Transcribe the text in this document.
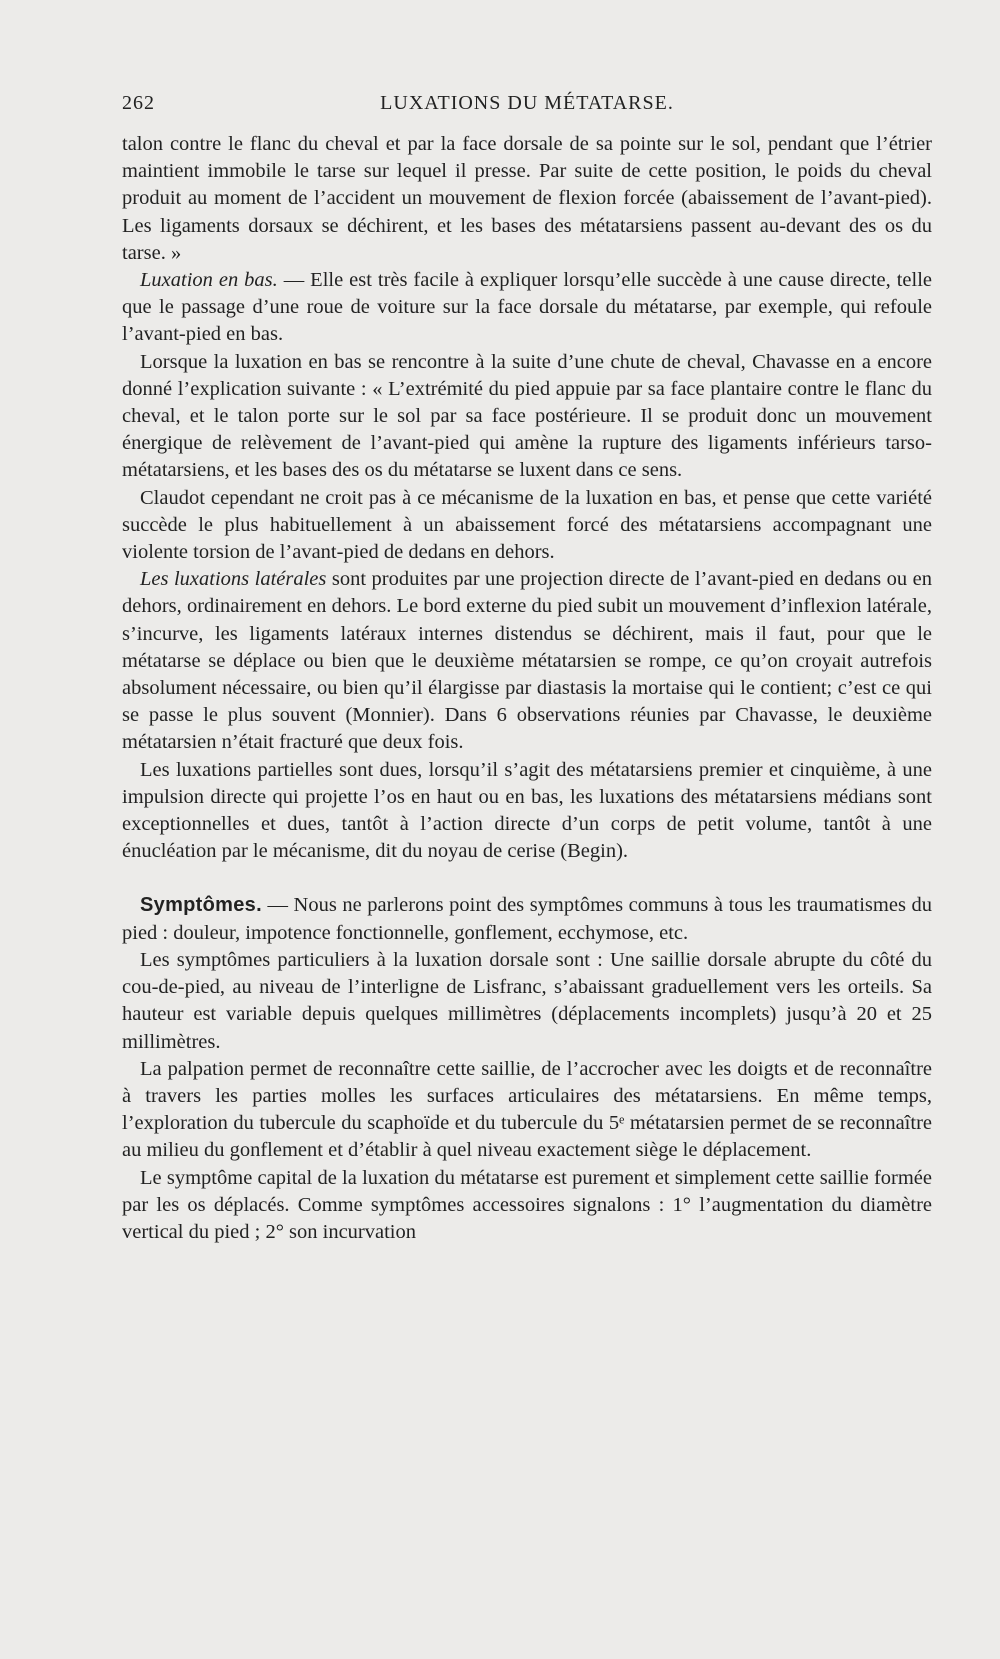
262	LUXATIONS DU MÉTATARSE.

talon contre le flanc du cheval et par la face dorsale de sa pointe sur le sol, pendant que l’étrier maintient immobile le tarse sur lequel il presse. Par suite de cette position, le poids du cheval produit au moment de l’accident un mouvement de flexion forcée (abaissement de l’avant-pied). Les ligaments dorsaux se déchirent, et les bases des métatarsiens passent au-devant des os du tarse. »

Luxation en bas. — Elle est très facile à expliquer lorsqu’elle succède à une cause directe, telle que le passage d’une roue de voiture sur la face dorsale du métatarse, par exemple, qui refoule l’avant-pied en bas.

Lorsque la luxation en bas se rencontre à la suite d’une chute de cheval, Chavasse en a encore donné l’explication suivante : « L’extrémité du pied appuie par sa face plantaire contre le flanc du cheval, et le talon porte sur le sol par sa face postérieure. Il se produit donc un mouvement énergique de relèvement de l’avant-pied qui amène la rupture des ligaments inférieurs tarso-métatarsiens, et les bases des os du métatarse se luxent dans ce sens.

Claudot cependant ne croit pas à ce mécanisme de la luxation en bas, et pense que cette variété succède le plus habituellement à un abaissement forcé des métatarsiens accompagnant une violente torsion de l’avant-pied de dedans en dehors.

Les luxations latérales sont produites par une projection directe de l’avant-pied en dedans ou en dehors, ordinairement en dehors. Le bord externe du pied subit un mouvement d’inflexion latérale, s’incurve, les ligaments latéraux internes distendus se déchirent, mais il faut, pour que le métatarse se déplace ou bien que le deuxième métatarsien se rompe, ce qu’on croyait autrefois absolument nécessaire, ou bien qu’il élargisse par diastasis la mortaise qui le contient; c’est ce qui se passe le plus souvent (Monnier). Dans 6 observations réunies par Chavasse, le deuxième métatarsien n’était fracturé que deux fois.

Les luxations partielles sont dues, lorsqu’il s’agit des métatarsiens premier et cinquième, à une impulsion directe qui projette l’os en haut ou en bas, les luxations des métatarsiens médians sont exceptionnelles et dues, tantôt à l’action directe d’un corps de petit volume, tantôt à une énucléation par le mécanisme, dit du noyau de cerise (Begin).

Symptômes. — Nous ne parlerons point des symptômes communs à tous les traumatismes du pied : douleur, impotence fonctionnelle, gonflement, ecchymose, etc.

Les symptômes particuliers à la luxation dorsale sont : Une saillie dorsale abrupte du côté du cou-de-pied, au niveau de l’interligne de Lisfranc, s’abaissant graduellement vers les orteils. Sa hauteur est variable depuis quelques millimètres (déplacements incomplets) jusqu’à 20 et 25 millimètres.

La palpation permet de reconnaître cette saillie, de l’accrocher avec les doigts et de reconnaître à travers les parties molles les surfaces articulaires des métatarsiens. En même temps, l’exploration du tubercule du scaphoïde et du tubercule du 5ᵉ métatarsien permet de se reconnaître au milieu du gonflement et d’établir à quel niveau exactement siège le déplacement.

Le symptôme capital de la luxation du métatarse est purement et simplement cette saillie formée par les os déplacés. Comme symptômes accessoires signalons : 1° l’augmentation du diamètre vertical du pied ; 2° son incurvation
